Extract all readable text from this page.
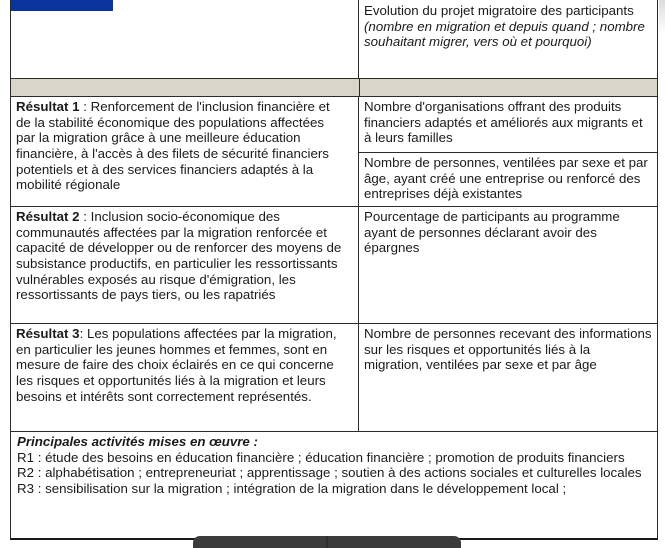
Evolution du projet migratoire des participants (nombre en migration et depuis quand ; nombre souhaitant migrer, vers où et pourquoi)
Résultat 1 : Renforcement de l'inclusion financière et de la stabilité économique des populations affectées par la migration grâce à une meilleure éducation financière, à l'accès à des filets de sécurité financiers potentiels et à des services financiers adaptés à la mobilité régionale
Nombre d'organisations offrant des produits financiers adaptés et améliorés aux migrants et à leurs familles
Nombre de personnes, ventilées par sexe et par âge, ayant créé une entreprise ou renforcé des entreprises déjà existantes
Résultat 2 : Inclusion socio-économique des communautés affectées par la migration renforcée et capacité de développer ou de renforcer des moyens de subsistance productifs, en particulier les ressortissants vulnérables exposés au risque d'émigration, les ressortissants de pays tiers, ou les rapatriés
Pourcentage de participants au programme ayant de personnes déclarant avoir des épargnes
Résultat 3: Les populations affectées par la migration, en particulier les jeunes hommes et femmes, sont en mesure de faire des choix éclairés en ce qui concerne les risques et opportunités liés à la migration et leurs besoins et intérêts sont correctement représentés.
Nombre de personnes recevant des informations sur les risques et opportunités liés à la migration, ventilées par sexe et par âge
Principales activités mises en œuvre :
R1 : étude des besoins en éducation financière ; éducation financière ; promotion de produits financiers
R2 : alphabétisation ; entrepreneuriat ; apprentissage ; soutien à des actions sociales et culturelles locales
R3 : sensibilisation sur la migration ; intégration de la migration dans le développement local ;
